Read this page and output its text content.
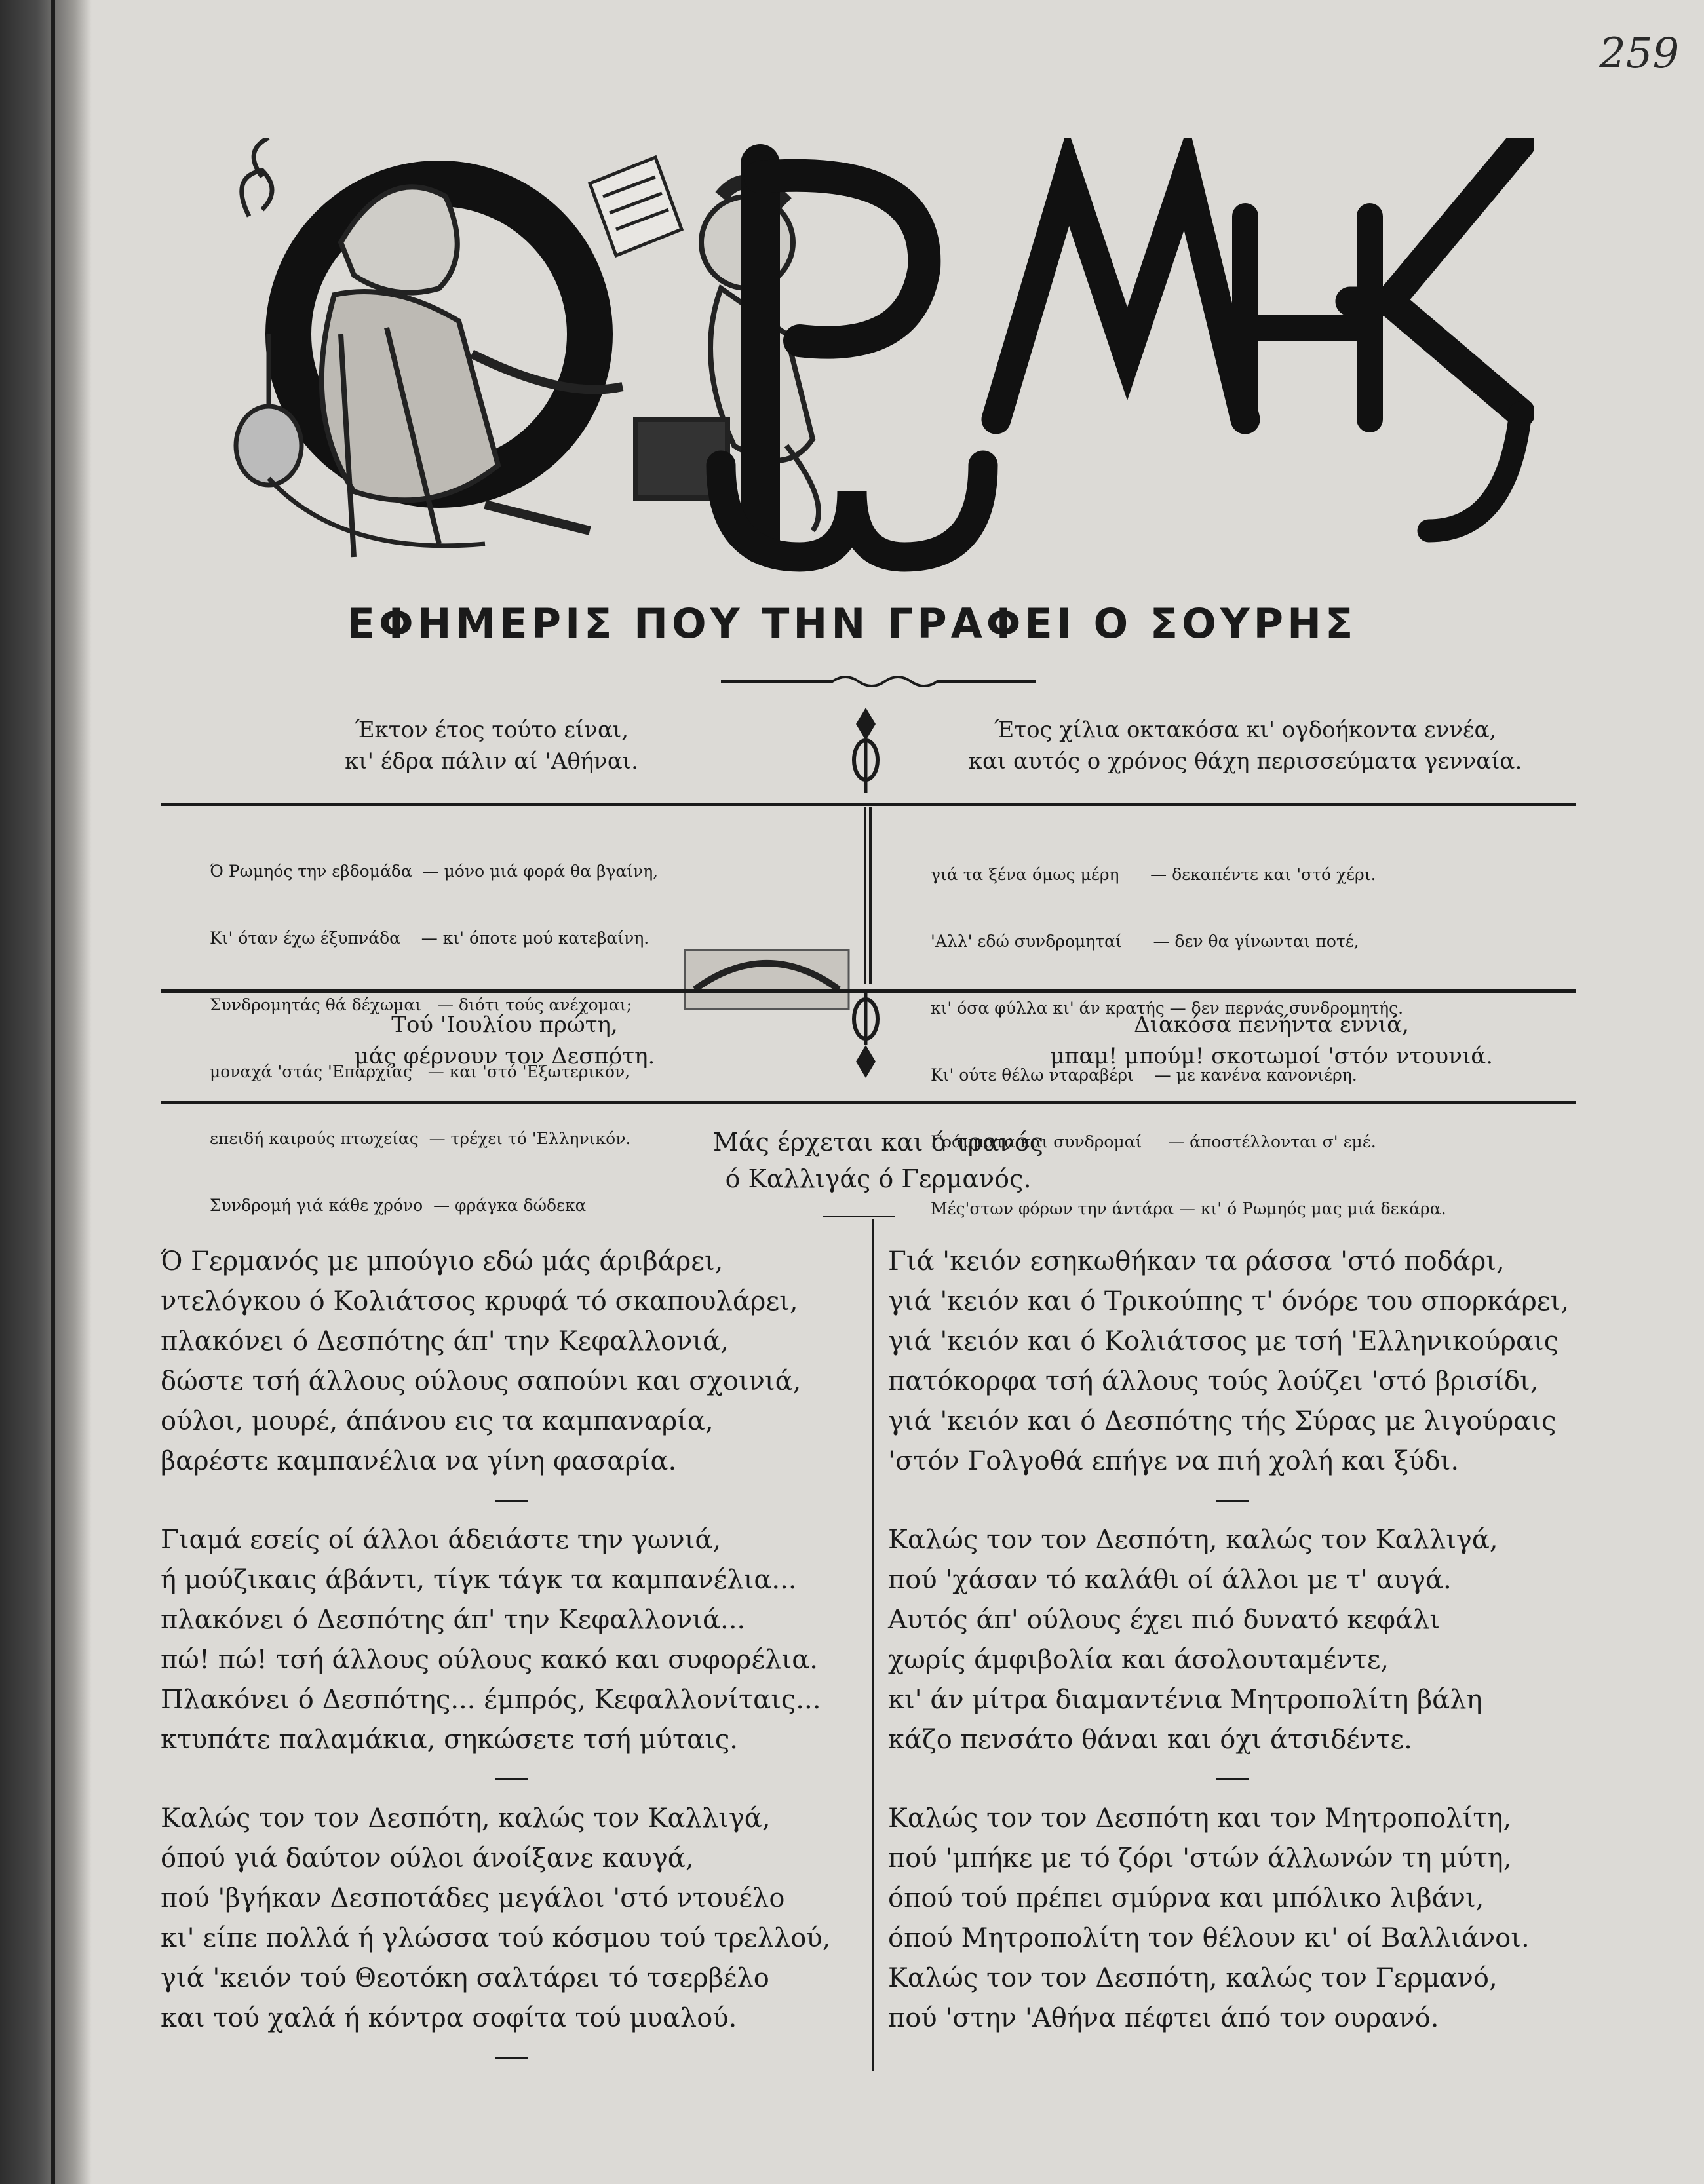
259
ΕΦΗΜΕΡΙΣ ΠΟΥ ΤΗΝ ΓΡΑΦΕΙ Ο ΣΟΥΡΗΣ
Έκτον έτος τούτο είναι,
κι' έδρα πάλιν αί 'Αθήναι.
Έτος χίλια οκτακόσα κι' ογδοήκοντα εννέα,
και αυτός ο χρόνος θάχη περισσεύματα γενναία.

Ό Ρωμηός την εβδομάδα  — μόνο μιά φορά θα βγαίνη,

Κι' όταν έχω έξυπνάδα    — κι' όποτε μού κατεβαίνη.

Συνδρομητάς θά δέχωμαι   — διότι τούς ανέχομαι;

μοναχά 'στάς 'Επαρχίας   — και 'στό 'Εξωτερικόν,

επειδή καιρούς πτωχείας  — τρέχει τό 'Ελληνικόν.

Συνδρομή γιά κάθε χρόνο  — φράγκα δώδεκα

γιά τα ξένα όμως μέρη      — δεκαπέντε και 'στό χέρι.

'Αλλ' εδώ συνδρομηταί      — δεν θα γίνωνται ποτέ,

κι' όσα φύλλα κι' άν κρατής — δεν περνάς συνδρομητής.

Κι' ούτε θέλω νταραβέρι    — με κανένα κανονιέρη.

Γράμματα και συνδρομαί     — άποστέλλονται σ' εμέ.

Μές'στων φόρων την άντάρα — κι' ό Ρωμηός μας μιά δεκάρα.

Τού 'Ιουλίου πρώτη,
μάς φέρνουν τον Δεσπότη.
Διακόσα πενήντα εννιά,
μπαμ! μπούμ! σκοτωμοί 'στόν ντουνιά.
Μάς έρχεται και ό τρανός
ό Καλλιγάς ό Γερμανός.

Ό Γερμανός με μπούγιο εδώ μάς άριβάρει,

ντελόγκου ό Κολιάτσος κρυφά τό σκαπουλάρει,

πλακόνει ό Δεσπότης άπ' την Κεφαλλονιά,

δώστε τσή άλλους ούλους σαπούνι και σχοινιά,

ούλοι, μουρέ, άπάνου εις τα καμπαναρία,

βαρέστε καμπανέλια να γίνη φασαρία.

Γιαμά εσείς οί άλλοι άδειάστε την γωνιά,

ή μούζικαις άβάντι, τίγκ τάγκ τα καμπανέλια...

πλακόνει ό Δεσπότης άπ' την Κεφαλλονιά...

πώ! πώ! τσή άλλους ούλους κακό και συφορέλια.

Πλακόνει ό Δεσπότης... έμπρός, Κεφαλλονίταις...

κτυπάτε παλαμάκια, σηκώσετε τσή μύταις.

Καλώς τον τον Δεσπότη, καλώς τον Καλλιγά,

όπού γιά δαύτον ούλοι άνοίξανε καυγά,

πού 'βγήκαν Δεσποτάδες μεγάλοι 'στό ντουέλο

κι' είπε πολλά ή γλώσσα τού κόσμου τού τρελλού,

γιά 'κειόν τού Θεοτόκη σαλτάρει τό τσερβέλο

και τού χαλά ή κόντρα σοφίτα τού μυαλού.

Γιά 'κειόν εσηκωθήκαν τα ράσσα 'στό ποδάρι,

γιά 'κειόν και ό Τρικούπης τ' όνόρε του σπορκάρει,

γιά 'κειόν και ό Κολιάτσος με τσή 'Ελληνικούραις

πατόκορφα τσή άλλους τούς λούζει 'στό βρισίδι,

γιά 'κειόν και ό Δεσπότης τής Σύρας με λιγούραις

'στόν Γολγοθά επήγε να πιή χολή και ξύδι.

Καλώς τον τον Δεσπότη, καλώς τον Καλλιγά,

πού 'χάσαν τό καλάθι οί άλλοι με τ' αυγά.

Αυτός άπ' ούλους έχει πιό δυνατό κεφάλι

χωρίς άμφιβολία και άσολουταμέντε,

κι' άν μίτρα διαμαντένια Μητροπολίτη βάλη

κάζο πενσάτο θάναι και όχι άτσιδέντε.

Καλώς τον τον Δεσπότη και τον Μητροπολίτη,

πού 'μπήκε με τό ζόρι 'στών άλλωνών τη μύτη,

όπού τού πρέπει σμύρνα και μπόλικο λιβάνι,

όπού Μητροπολίτη τον θέλουν κι' οί Βαλλιάνοι.

Καλώς τον τον Δεσπότη, καλώς τον Γερμανό,

πού 'στην 'Αθήνα πέφτει άπό τον ουρανό.
